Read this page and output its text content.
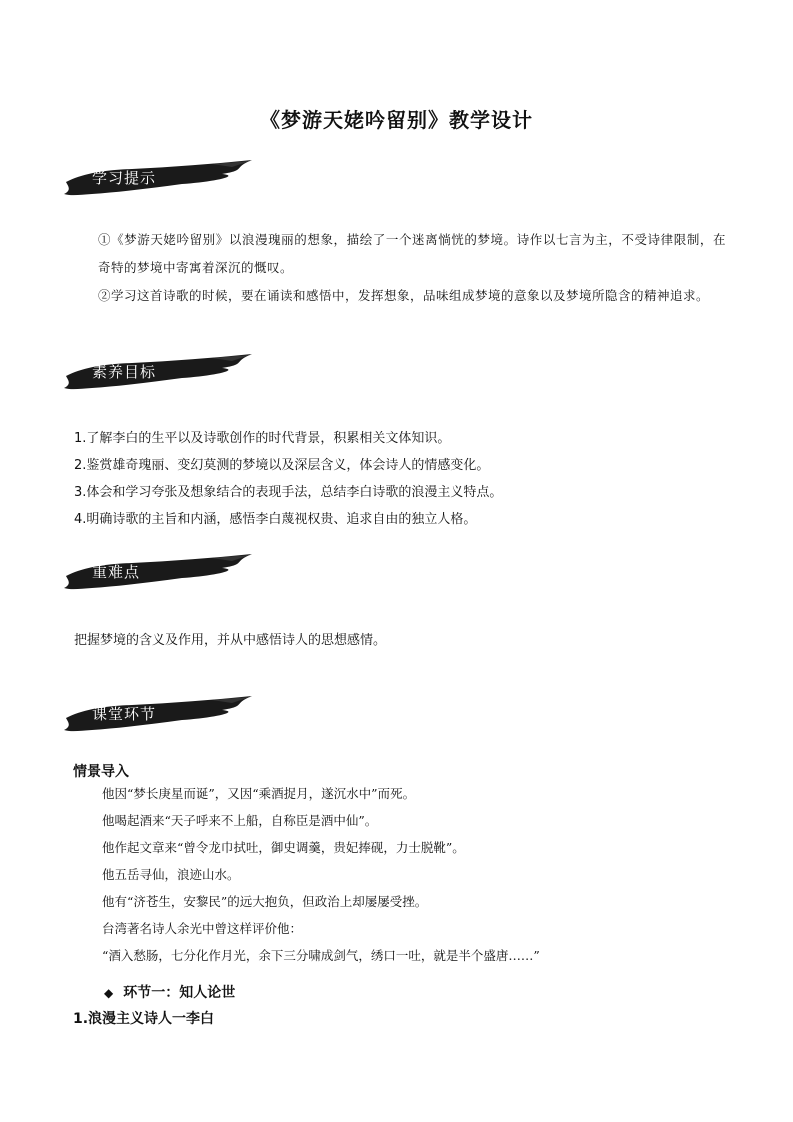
《梦游天姥吟留别》教学设计
学习提示
①《梦游天姥吟留别》以浪漫瑰丽的想象，描绘了一个迷离惝恍的梦境。诗作以七言为主，不受诗律限制，在奇特的梦境中寄寓着深沉的慨叹。
②学习这首诗歌的时候，要在诵读和感悟中，发挥想象，品味组成梦境的意象以及梦境所隐含的精神追求。
素养目标
1.了解李白的生平以及诗歌创作的时代背景，积累相关文体知识。
2.鉴赏雄奇瑰丽、变幻莫测的梦境以及深层含义，体会诗人的情感变化。
3.体会和学习夸张及想象结合的表现手法，总结李白诗歌的浪漫主义特点。
4.明确诗歌的主旨和内涵，感悟李白蔑视权贵、追求自由的独立人格。
重难点
把握梦境的含义及作用，并从中感悟诗人的思想感情。
课堂环节
情景导入
他因“梦长庚星而诞”，又因“乘酒捉月，遂沉水中”而死。
他喝起酒来“天子呼来不上船，自称臣是酒中仙”。
他作起文章来“曾令龙巾拭吐，御史调羹，贵妃捧砚，力士脱靴”。
他五岳寻仙，浪迹山水。
他有“济苍生，安黎民”的远大抱负，但政治上却屡屡受挫。
台湾著名诗人余光中曾这样评价他：
“酒入愁肠，七分化作月光，余下三分啸成剑气，绣口一吐，就是半个盛唐……”
◆ 环节一：知人论世
1.浪漫主义诗人一李白
